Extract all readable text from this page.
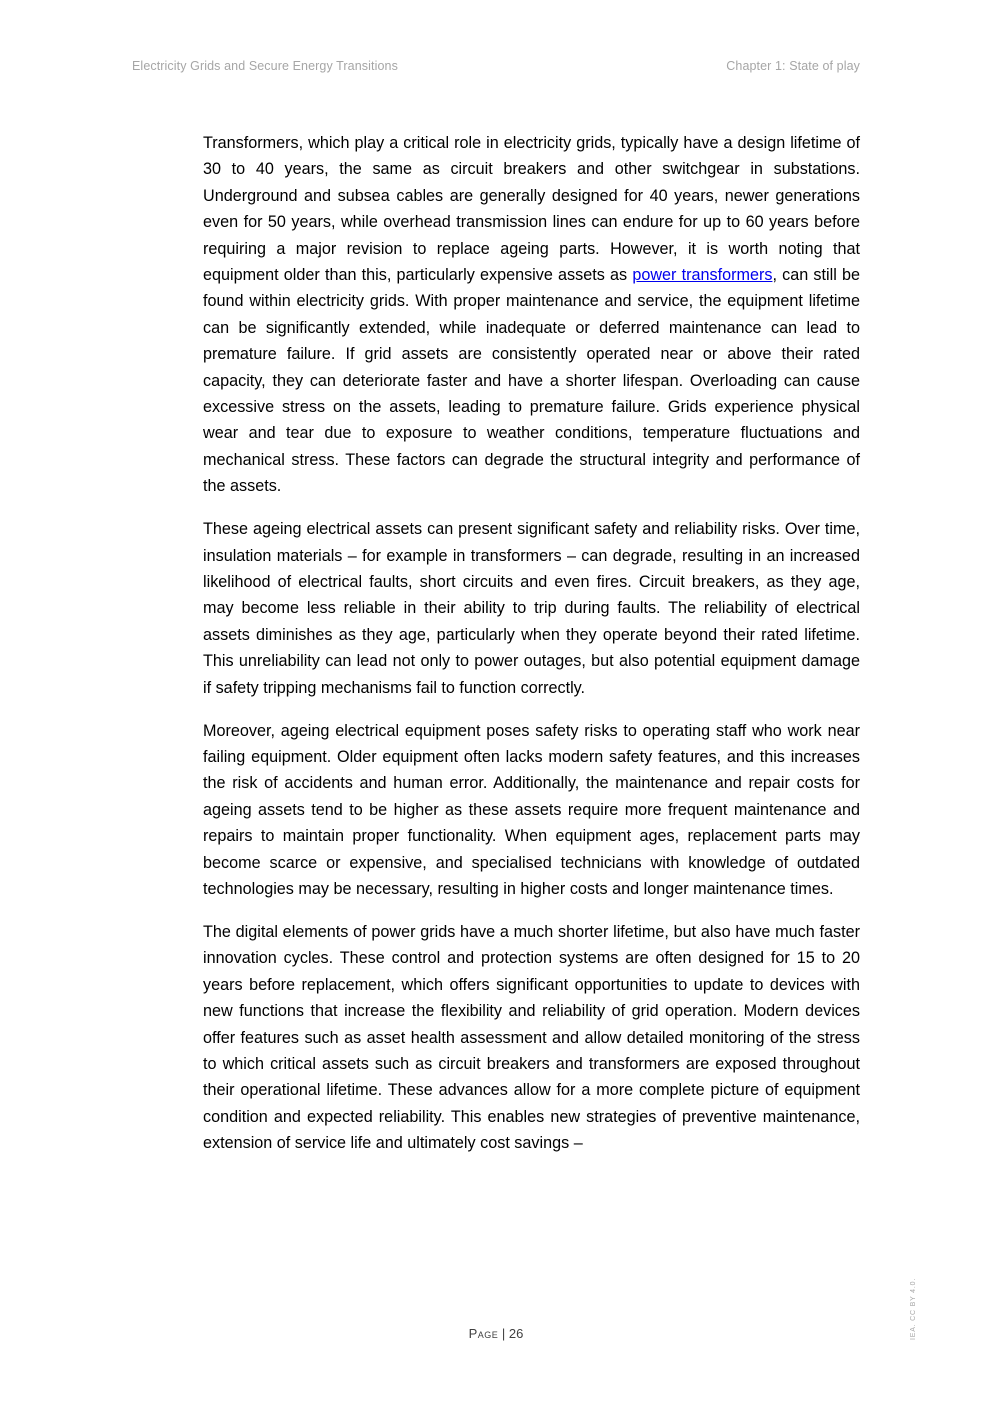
Electricity Grids and Secure Energy Transitions	Chapter 1: State of play

Transformers, which play a critical role in electricity grids, typically have a design lifetime of 30 to 40 years, the same as circuit breakers and other switchgear in substations. Underground and subsea cables are generally designed for 40 years, newer generations even for 50 years, while overhead transmission lines can endure for up to 60 years before requiring a major revision to replace ageing parts. However, it is worth noting that equipment older than this, particularly expensive assets as power transformers, can still be found within electricity grids. With proper maintenance and service, the equipment lifetime can be significantly extended, while inadequate or deferred maintenance can lead to premature failure. If grid assets are consistently operated near or above their rated capacity, they can deteriorate faster and have a shorter lifespan. Overloading can cause excessive stress on the assets, leading to premature failure. Grids experience physical wear and tear due to exposure to weather conditions, temperature fluctuations and mechanical stress. These factors can degrade the structural integrity and performance of the assets.

These ageing electrical assets can present significant safety and reliability risks. Over time, insulation materials – for example in transformers – can degrade, resulting in an increased likelihood of electrical faults, short circuits and even fires. Circuit breakers, as they age, may become less reliable in their ability to trip during faults. The reliability of electrical assets diminishes as they age, particularly when they operate beyond their rated lifetime. This unreliability can lead not only to power outages, but also potential equipment damage if safety tripping mechanisms fail to function correctly.

Moreover, ageing electrical equipment poses safety risks to operating staff who work near failing equipment. Older equipment often lacks modern safety features, and this increases the risk of accidents and human error. Additionally, the maintenance and repair costs for ageing assets tend to be higher as these assets require more frequent maintenance and repairs to maintain proper functionality. When equipment ages, replacement parts may become scarce or expensive, and specialised technicians with knowledge of outdated technologies may be necessary, resulting in higher costs and longer maintenance times.

The digital elements of power grids have a much shorter lifetime, but also have much faster innovation cycles. These control and protection systems are often designed for 15 to 20 years before replacement, which offers significant opportunities to update to devices with new functions that increase the flexibility and reliability of grid operation. Modern devices offer features such as asset health assessment and allow detailed monitoring of the stress to which critical assets such as circuit breakers and transformers are exposed throughout their operational lifetime. These advances allow for a more complete picture of equipment condition and expected reliability. This enables new strategies of preventive maintenance, extension of service life and ultimately cost savings –

Page | 26	IEA. CC BY 4.0.
